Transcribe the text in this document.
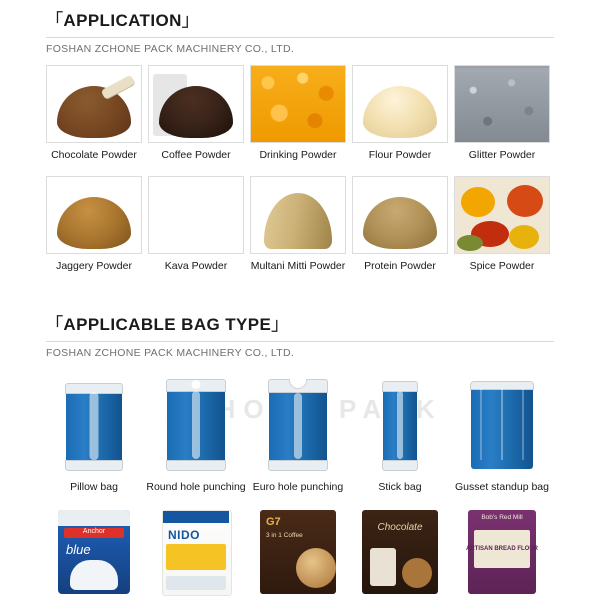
「APPLICATION」
FOSHAN ZCHONE PACK MACHINERY CO., LTD.
Chocolate Powder Coffee Powder	Drinking Powder	Flour Powder	Glitter Powder
Jaggery Powder	Kava Powder Multani Mitti Powder Protein Powder	Spice Powder
「APPLICABLE BAG TYPE」
FOSHAN ZCHONE PACK MACHINERY CO., LTD.
ZCHONE
Pillow bag	Round hole punching Euro hole punching	Stick bag	Gusset standup bag
Anchor
blue
NIDO
G7
3 in 1 Coffee
Chocolate
Bob's Red Mill
ARTISAN BREAD FLOUR
